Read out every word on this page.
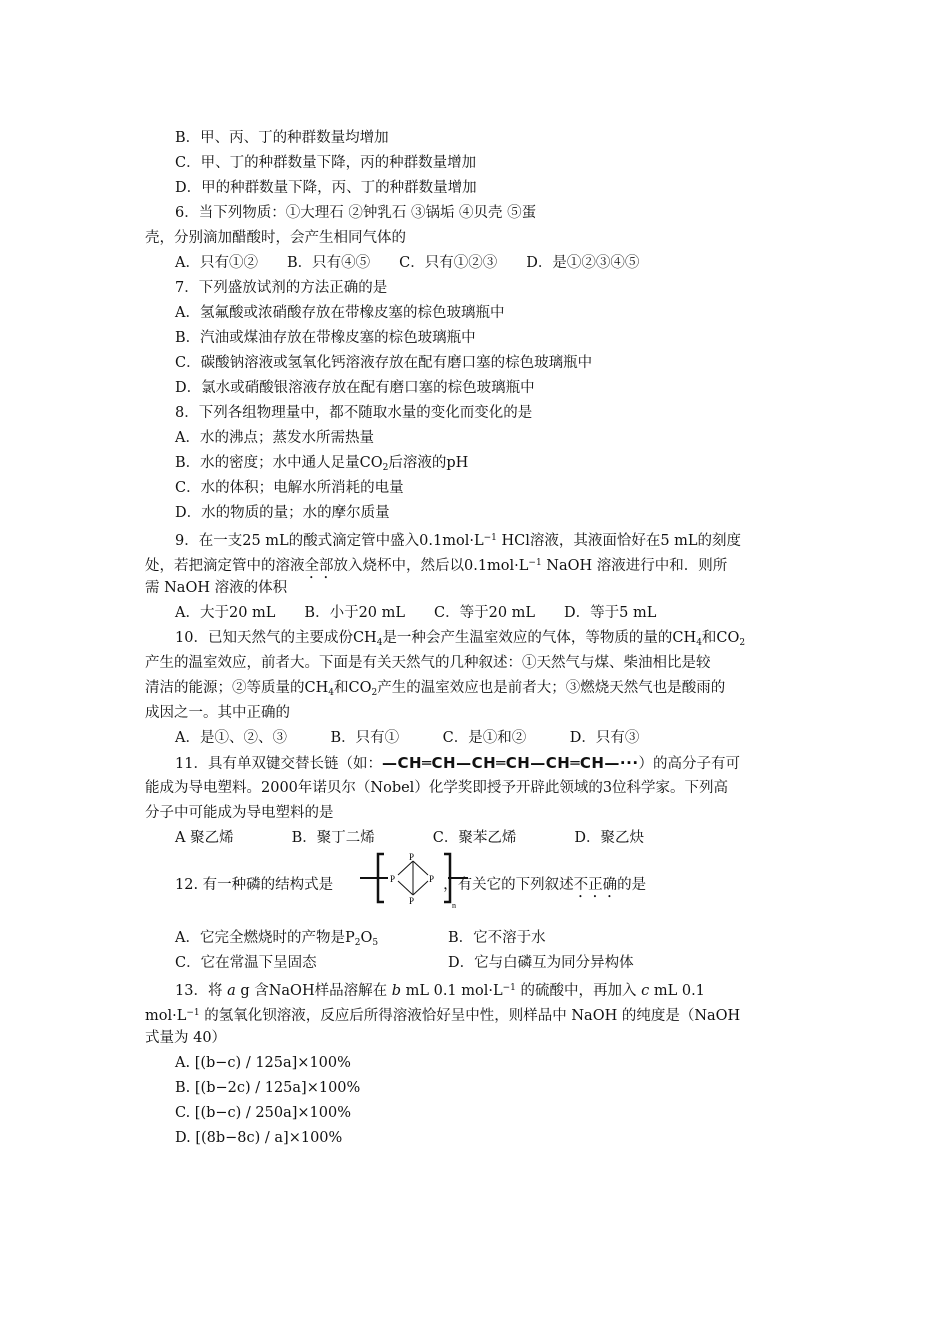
B．甲、丙、丁的种群数量均增加
C．甲、丁的种群数量下降，丙的种群数量增加
D．甲的种群数量下降，丙、丁的种群数量增加
6．当下列物质：①大理石 ②钟乳石 ③锅垢 ④贝壳 ⑤蛋
壳，分别滴加醋酸时，会产生相同气体的
A．只有①②　　B．只有④⑤　　C．只有①②③　　D．是①②③④⑤
7．下列盛放试剂的方法正确的是
A．氢氟酸或浓硝酸存放在带橡皮塞的棕色玻璃瓶中
B．汽油或煤油存放在带橡皮塞的棕色玻璃瓶中
C．碳酸钠溶液或氢氧化钙溶液存放在配有磨口塞的棕色玻璃瓶中
D．氯水或硝酸银溶液存放在配有磨口塞的棕色玻璃瓶中
8．下列各组物理量中，都不随取水量的变化而变化的是
A．水的沸点；蒸发水所需热量
B．水的密度；水中通人足量$CO_2$后溶液的pH
C．水的体积；电解水所消耗的电量
D．水的物质的量；水的摩尔质量
9．在一支25 mL的酸式滴定管中盛入$0.1mol\cdot L^{-1}$ HCl溶液，其液面恰好在5 mL的刻度
处，若把滴定管中的溶液全部放入烧杯中，然后以$0.1mol\cdot L^{-1}$ NaOH 溶液进行中和．则所
需 NaOH 溶液的体积
A．大于20 mL　　B．小于20 mL　　C．等于20 mL　　D．等于5 mL
10．已知天然气的主要成份$CH_4$是一种会产生温室效应的气体，等物质的量的$CH_4$和$CO_2$
产生的温室效应，前者大。下面是有关天然气的几种叙述：①天然气与煤、柴油相比是较
清洁的能源；②等质量的$CH_4$和$CO_2$产生的温室效应也是前者大；③燃烧天然气也是酸雨的
成因之一。其中正确的
A．是①、②、③　　　B．只有①　　　C．是①和②　　　D．只有③
11．具有单双键交替长链（如：—CH═CH—CH═CH—CH═CH—···）的高分子有可
能成为导电塑料。2000年诺贝尔（Nobel）化学奖即授予开辟此领域的3位科学家。下列高
分子中可能成为导电塑料的是
A 聚乙烯　　　　B．聚丁二烯　　　　C．聚苯乙烯　　　　D．聚乙炔
12. 有一种磷的结构式是	，有关它的下列叙述不正确的是
P
P	P
P	n
A．它完全燃烧时的产物是$P_2O_5$	B．它不溶于水
C．它在常温下呈固态	D．它与白磷互为同分异构体
13．将 a g 含NaOH样品溶解在 b mL 0.1 $mol\cdot L^{-1}$ 的硫酸中，再加入 c mL 0.1
$mol\cdot L^{-1}$ 的氢氧化钡溶液，反应后所得溶液恰好呈中性，则样品中 NaOH 的纯度是（NaOH
式量为 40）
A. [(b−c) / 125a]×100%
B. [(b−2c) / 125a]×100%
C. [(b−c) / 250a]×100%
D. [(8b−8c) / a]×100%
